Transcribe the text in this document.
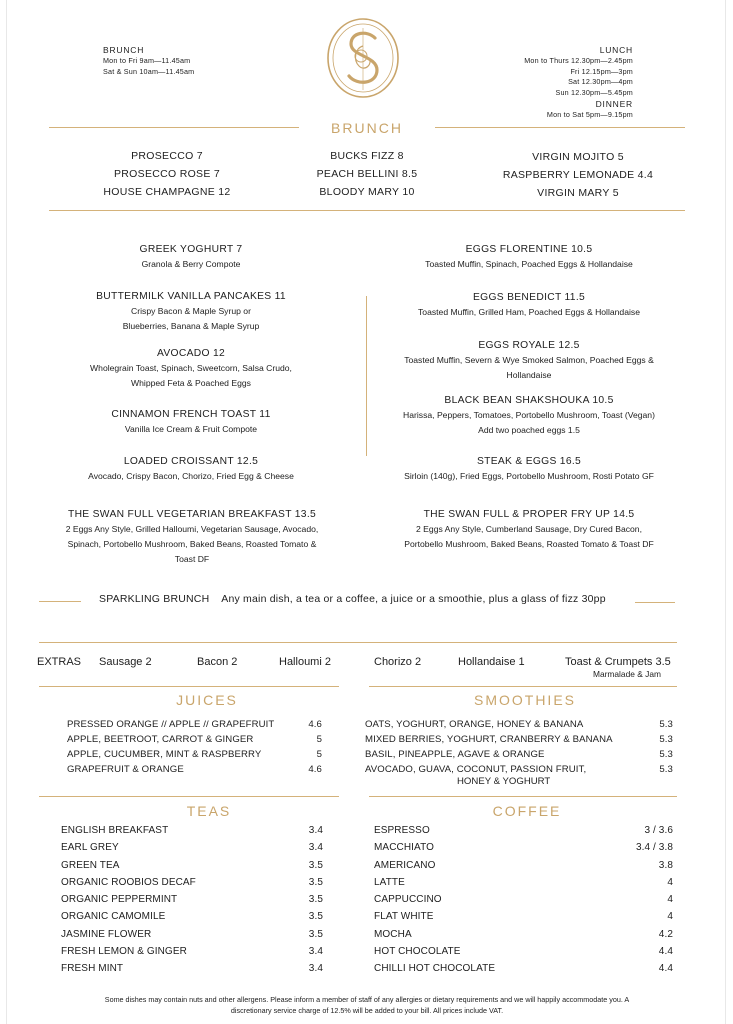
BRUNCH
Mon to Fri 9am—11.45am
Sat & Sun 10am—11.45am
LUNCH
Mon to Thurs 12.30pm—2.45pm
Fri 12.15pm—3pm
Sat 12.30pm—4pm
Sun 12.30pm—5.45pm
DINNER
Mon to Sat 5pm—9.15pm
BRUNCH
PROSECCO 7
PROSECCO ROSE 7
HOUSE CHAMPAGNE 12
BUCKS FIZZ 8
PEACH BELLINI 8.5
BLOODY MARY 10
VIRGIN MOJITO 5
RASPBERRY LEMONADE 4.4
VIRGIN MARY 5
GREEK YOGHURT 7
Granola & Berry Compote
BUTTERMILK VANILLA PANCAKES 11
Crispy Bacon & Maple Syrup or
Blueberries, Banana & Maple Syrup
AVOCADO 12
Wholegrain Toast, Spinach, Sweetcorn, Salsa Crudo,
Whipped Feta & Poached Eggs
CINNAMON FRENCH TOAST 11
Vanilla Ice Cream & Fruit Compote
LOADED CROISSANT 12.5
Avocado, Crispy Bacon, Chorizo, Fried Egg & Cheese
THE SWAN FULL VEGETARIAN BREAKFAST 13.5
2 Eggs Any Style, Grilled Halloumi, Vegetarian Sausage, Avocado,
Spinach, Portobello Mushroom, Baked Beans, Roasted Tomato &
Toast DF
EGGS FLORENTINE 10.5
Toasted Muffin, Spinach, Poached Eggs & Hollandaise
EGGS BENEDICT 11.5
Toasted Muffin, Grilled Ham, Poached Eggs & Hollandaise
EGGS ROYALE 12.5
Toasted Muffin, Severn & Wye Smoked Salmon, Poached Eggs &
Hollandaise
BLACK BEAN SHAKSHOUKA 10.5
Harissa, Peppers, Tomatoes, Portobello Mushroom, Toast (Vegan)
Add two poached eggs 1.5
STEAK & EGGS 16.5
Sirloin (140g), Fried Eggs, Portobello Mushroom, Rosti Potato GF
THE SWAN FULL & PROPER FRY UP 14.5
2 Eggs Any Style, Cumberland Sausage, Dry Cured Bacon,
Portobello Mushroom, Baked Beans, Roasted Tomato & Toast DF
SPARKLING BRUNCH Any main dish, a tea or a coffee, a juice or a smoothie, plus a glass of fizz 30pp
EXTRAS Sausage 2	Bacon 2	Halloumi 2	Chorizo 2	Hollandaise 1	Toast & Crumpets 3.5
Marmalade & Jam
JUICES
PRESSED ORANGE // APPLE // GRAPEFRUIT	4.6
APPLE, BEETROOT, CARROT & GINGER	5
APPLE, CUCUMBER, MINT & RASPBERRY	5
GRAPEFRUIT & ORANGE	4.6
SMOOTHIES
OATS, YOGHURT, ORANGE, HONEY & BANANA	5.3
MIXED BERRIES, YOGHURT, CRANBERRY & BANANA	5.3
BASIL, PINEAPPLE, AGAVE & ORANGE	5.3
AVOCADO, GUAVA, COCONUT, PASSION FRUIT,	5.3
HONEY & YOGHURT
TEAS
ENGLISH BREAKFAST	3.4
EARL GREY	3.4
GREEN TEA	3.5
ORGANIC ROOBIOS DECAF	3.5
ORGANIC PEPPERMINT	3.5
ORGANIC CAMOMILE	3.5
JASMINE FLOWER	3.5
FRESH LEMON & GINGER	3.4
FRESH MINT	3.4
COFFEE
ESPRESSO	3 / 3.6
MACCHIATO	3.4 / 3.8
AMERICANO	3.8
LATTE	4
CAPPUCCINO	4
FLAT WHITE	4
MOCHA	4.2
HOT CHOCOLATE	4.4
CHILLI HOT CHOCOLATE	4.4
Some dishes may contain nuts and other allergens. Please inform a member of staff of any allergies or dietary requirements and we will happily accommodate you. A
discretionary service charge of 12.5% will be added to your bill. All prices include VAT.
